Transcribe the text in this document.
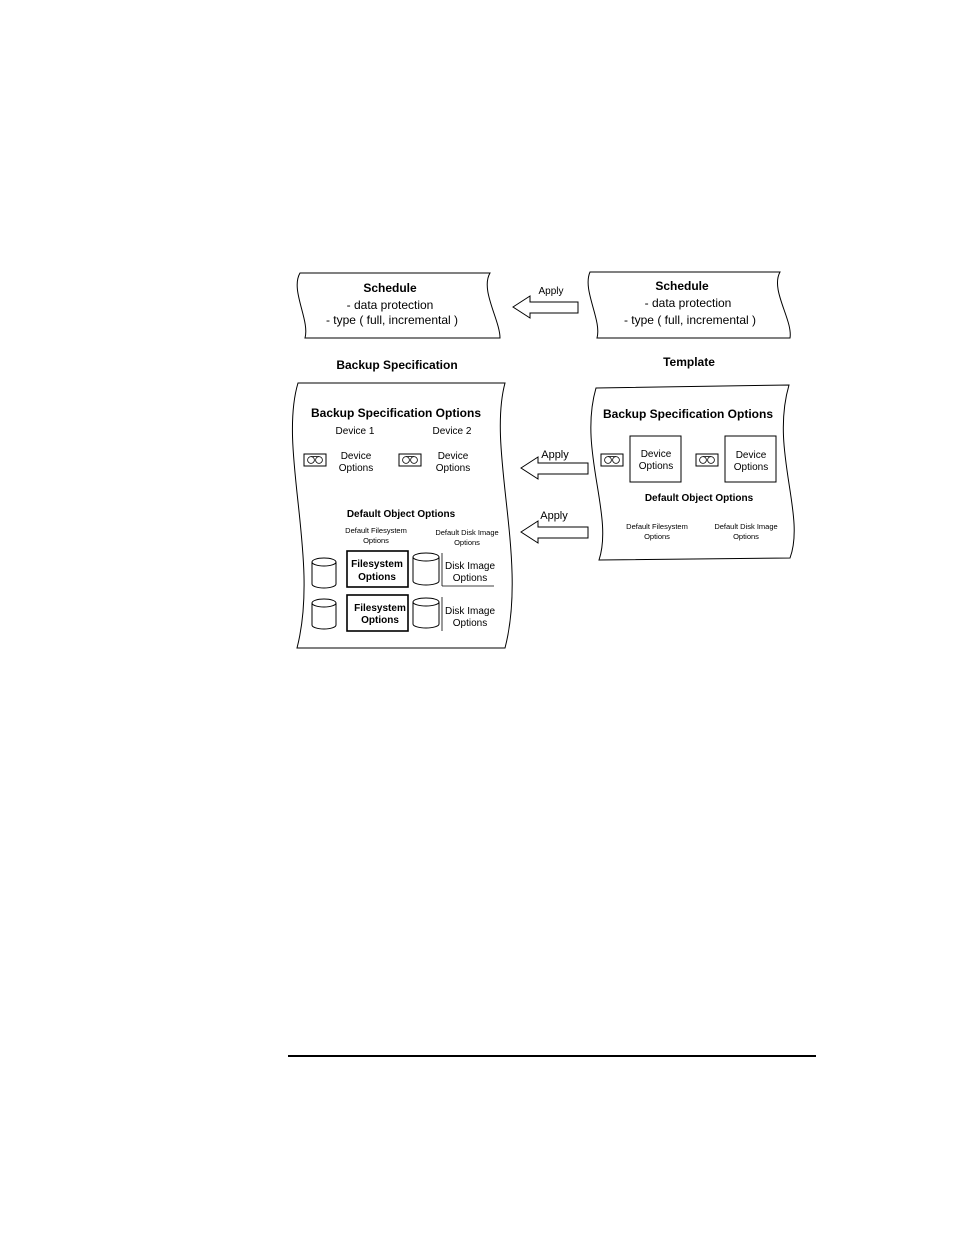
Schedule
- data protection
- type ( full, incremental )
Schedule
- data protection
- type ( full, incremental )
Apply
Apply
Apply
Backup Specification	Template
Backup Specification Options
Device 1	Device 2
Device
Options
Device
Options
Default Object Options
Default Filesystem
Options
Default Disk Image
Options
Filesystem
Options
Filesystem
Options
Disk Image
Options
Disk Image
Options
Backup Specification Options
Device
Options
Device
Options
Default Object Options
Default Filesystem
Options
Default Disk Image
Options
